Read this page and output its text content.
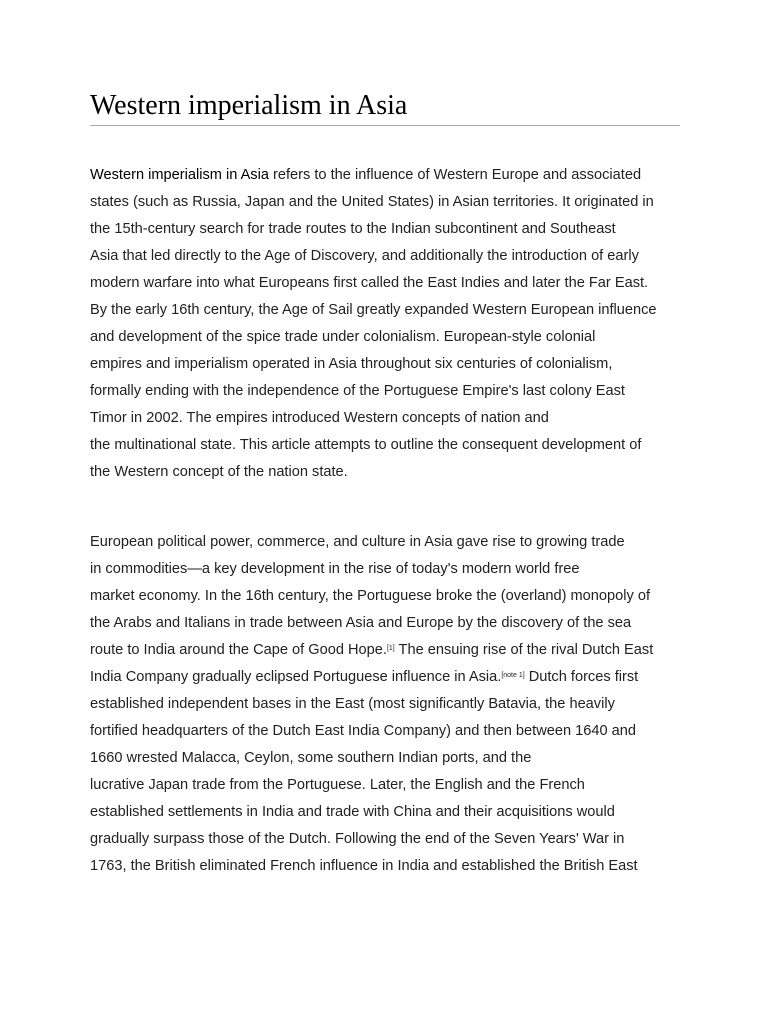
Western imperialism in Asia
Western imperialism in Asia refers to the influence of Western Europe and associated
states (such as Russia, Japan and the United States) in Asian territories. It originated in
the 15th-century search for trade routes to the Indian subcontinent and Southeast
Asia that led directly to the Age of Discovery, and additionally the introduction of early
modern warfare into what Europeans first called the East Indies and later the Far East.
By the early 16th century, the Age of Sail greatly expanded Western European influence
and development of the spice trade under colonialism. European-style colonial
empires and imperialism operated in Asia throughout six centuries of colonialism,
formally ending with the independence of the Portuguese Empire's last colony East
Timor in 2002. The empires introduced Western concepts of nation and
the multinational state. This article attempts to outline the consequent development of
the Western concept of the nation state.
European political power, commerce, and culture in Asia gave rise to growing trade
in commodities—a key development in the rise of today's modern world free
market economy. In the 16th century, the Portuguese broke the (overland) monopoly of
the Arabs and Italians in trade between Asia and Europe by the discovery of the sea
route to India around the Cape of Good Hope.[1] The ensuing rise of the rival Dutch East
India Company gradually eclipsed Portuguese influence in Asia.[note 1] Dutch forces first
established independent bases in the East (most significantly Batavia, the heavily
fortified headquarters of the Dutch East India Company) and then between 1640 and
1660 wrested Malacca, Ceylon, some southern Indian ports, and the
lucrative Japan trade from the Portuguese. Later, the English and the French
established settlements in India and trade with China and their acquisitions would
gradually surpass those of the Dutch. Following the end of the Seven Years' War in
1763, the British eliminated French influence in India and established the British East
